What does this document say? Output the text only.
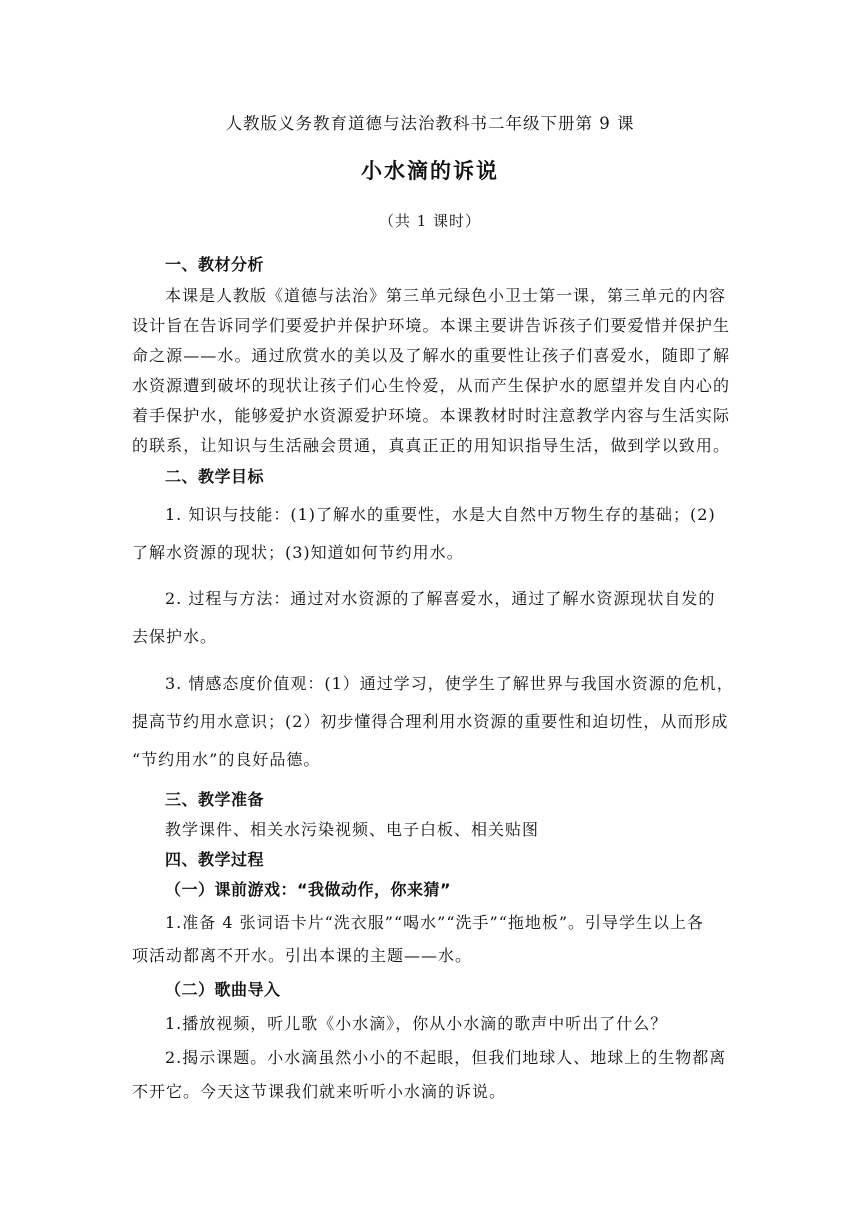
人教版义务教育道德与法治教科书二年级下册第 9 课
小水滴的诉说
（共 1 课时）
一、教材分析
本课是人教版《道德与法治》第三单元绿色小卫士第一课，第三单元的内容
设计旨在告诉同学们要爱护并保护环境。本课主要讲告诉孩子们要爱惜并保护生
命之源——水。通过欣赏水的美以及了解水的重要性让孩子们喜爱水，随即了解
水资源遭到破坏的现状让孩子们心生怜爱，从而产生保护水的愿望并发自内心的
着手保护水，能够爱护水资源爱护环境。本课教材时时注意教学内容与生活实际
的联系，让知识与生活融会贯通，真真正正的用知识指导生活，做到学以致用。
二、教学目标
1. 知识与技能：(1)了解水的重要性，水是大自然中万物生存的基础；(2)
了解水资源的现状；(3)知道如何节约用水。
2. 过程与方法：通过对水资源的了解喜爱水，通过了解水资源现状自发的
去保护水。
3. 情感态度价值观：(1）通过学习，使学生了解世界与我国水资源的危机，
提高节约用水意识；(2）初步懂得合理利用水资源的重要性和迫切性，从而形成
“节约用水”的良好品德。
三、教学准备
教学课件、相关水污染视频、电子白板、相关贴图
四、教学过程
（一）课前游戏：“我做动作，你来猜”
1.准备 4 张词语卡片“洗衣服”“喝水”“洗手”“拖地板”。引导学生以上各
项活动都离不开水。引出本课的主题——水。
（二）歌曲导入
1.播放视频，听儿歌《小水滴》，你从小水滴的歌声中听出了什么？
2.揭示课题。小水滴虽然小小的不起眼，但我们地球人、地球上的生物都离
不开它。今天这节课我们就来听听小水滴的诉说。
